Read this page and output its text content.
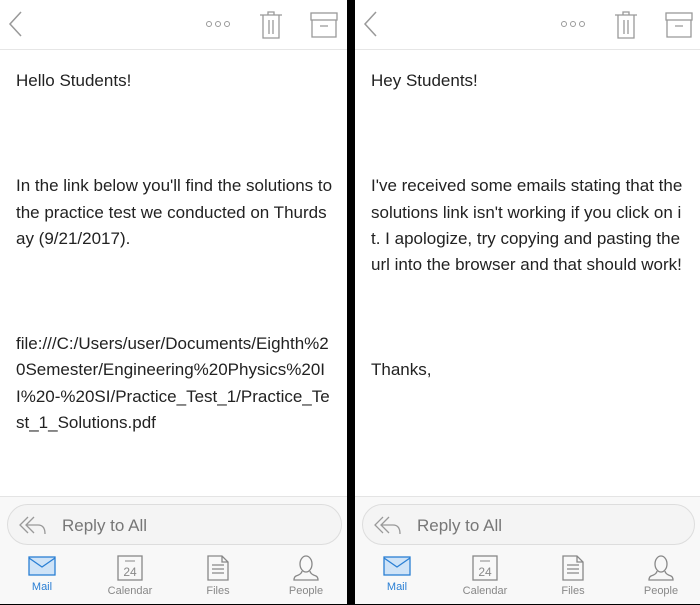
Hello Students!

In the link below you'll find the solutions to the practice test we conducted on Thurdsay (9/21/2017).

file:///C:/Users/user/Documents/Eighth%20Semester/Engineering%20Physics%20II%20-%20SI/Practice_Test_1/Practice_Test_1_Solutions.pdf

Reply to All
Mail
24
Calendar	Files	People

Hey Students!

I've received some emails stating that the solutions link isn't working if you click on it. I apologize, try copying and pasting the url into the browser and that should work!

Thanks,

Reply to All
Mail
24
Calendar	Files	People
